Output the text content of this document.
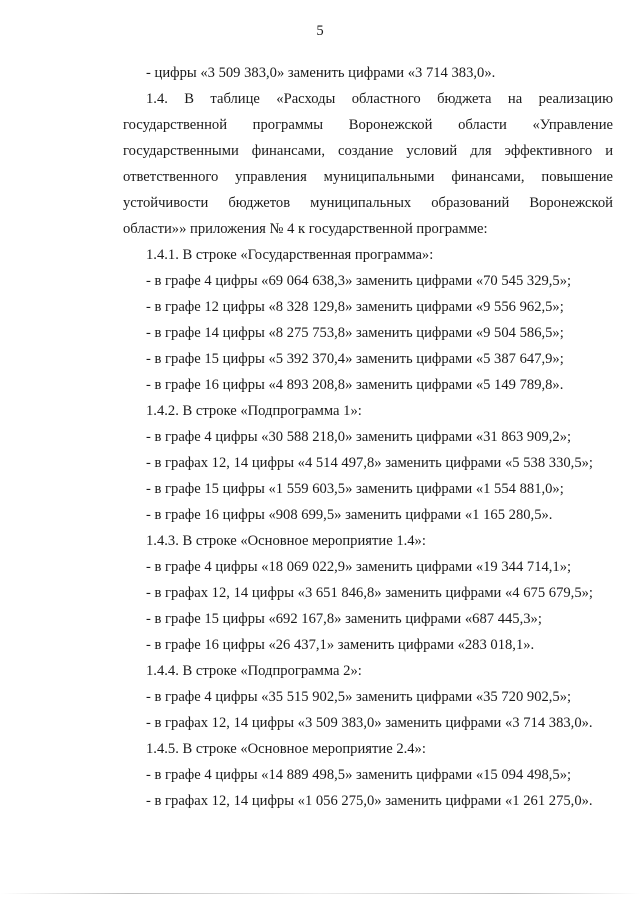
5
- цифры «3 509 383,0» заменить цифрами «3 714 383,0».
1.4. В таблице «Расходы областного бюджета на реализацию
государственной программы Воронежской области «Управление
государственными финансами, создание условий для эффективного и
ответственного управления муниципальными финансами, повышение
устойчивости бюджетов муниципальных образований Воронежской
области»» приложения № 4 к государственной программе:
1.4.1. В строке «Государственная программа»:
- в графе 4 цифры «69 064 638,3» заменить цифрами «70 545 329,5»;
- в графе 12 цифры «8 328 129,8» заменить цифрами «9 556 962,5»;
- в графе 14 цифры «8 275 753,8» заменить цифрами «9 504 586,5»;
- в графе 15 цифры «5 392 370,4» заменить цифрами «5 387 647,9»;
- в графе 16 цифры «4 893 208,8» заменить цифрами «5 149 789,8».
1.4.2. В строке «Подпрограмма 1»:
- в графе 4 цифры «30 588 218,0» заменить цифрами «31 863 909,2»;
- в графах 12, 14 цифры «4 514 497,8» заменить цифрами «5 538 330,5»;
- в графе 15 цифры «1 559 603,5» заменить цифрами «1 554 881,0»;
- в графе 16 цифры «908 699,5» заменить цифрами «1 165 280,5».
1.4.3. В строке «Основное мероприятие 1.4»:
- в графе 4 цифры «18 069 022,9» заменить цифрами «19 344 714,1»;
- в графах 12, 14 цифры «3 651 846,8» заменить цифрами «4 675 679,5»;
- в графе 15 цифры «692 167,8» заменить цифрами «687 445,3»;
- в графе 16 цифры «26 437,1» заменить цифрами «283 018,1».
1.4.4. В строке «Подпрограмма 2»:
- в графе 4 цифры «35 515 902,5» заменить цифрами «35 720 902,5»;
- в графах 12, 14 цифры «3 509 383,0» заменить цифрами «3 714 383,0».
1.4.5. В строке «Основное мероприятие 2.4»:
- в графе 4 цифры «14 889 498,5» заменить цифрами «15 094 498,5»;
- в графах 12, 14 цифры «1 056 275,0» заменить цифрами «1 261 275,0».
